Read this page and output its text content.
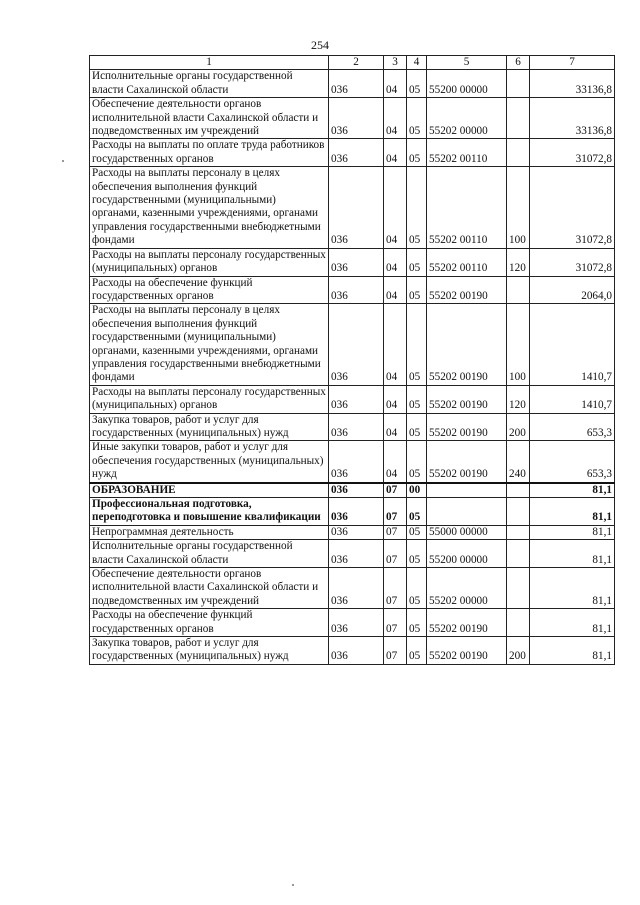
254
1	2	3	4	5	6	7
Исполнительные органы государственной власти Сахалинской области	036	04	05	55200 00000		33136,8
Обеспечение деятельности органов исполнительной власти Сахалинской области и подведомственных им учреждений	036	04	05	55202 00000		33136,8
Расходы на выплаты по оплате труда работников государственных органов	036	04	05	55202 00110		31072,8
Расходы на выплаты персоналу в целях обеспечения выполнения функций государственными (муниципальными) органами, казенными учреждениями, органами управления государственными внебюджетными фондами	036	04	05	55202 00110	100	31072,8
Расходы на выплаты персоналу государственных (муниципальных) органов	036	04	05	55202 00110	120	31072,8
Расходы на обеспечение функций государственных органов	036	04	05	55202 00190		2064,0
Расходы на выплаты персоналу в целях обеспечения выполнения функций государственными (муниципальными) органами, казенными учреждениями, органами управления государственными внебюджетными фондами	036	04	05	55202 00190	100	1410,7
Расходы на выплаты персоналу государственных (муниципальных) органов	036	04	05	55202 00190	120	1410,7
Закупка товаров, работ и услуг для государственных (муниципальных) нужд	036	04	05	55202 00190	200	653,3
Иные закупки товаров, работ и услуг для обеспечения государственных (муниципальных) нужд	036	04	05	55202 00190	240	653,3
ОБРАЗОВАНИЕ	036	07	00			81,1
Профессиональная подготовка, переподготовка и повышение квалификации	036	07	05			81,1
Непрограммная деятельность	036	07	05	55000 00000		81,1
Исполнительные органы государственной власти Сахалинской области	036	07	05	55200 00000		81,1
Обеспечение деятельности органов исполнительной власти Сахалинской области и подведомственных им учреждений	036	07	05	55202 00000		81,1
Расходы на обеспечение функций государственных органов	036	07	05	55202 00190		81,1
Закупка товаров, работ и услуг для государственных (муниципальных) нужд	036	07	05	55202 00190	200	81,1
